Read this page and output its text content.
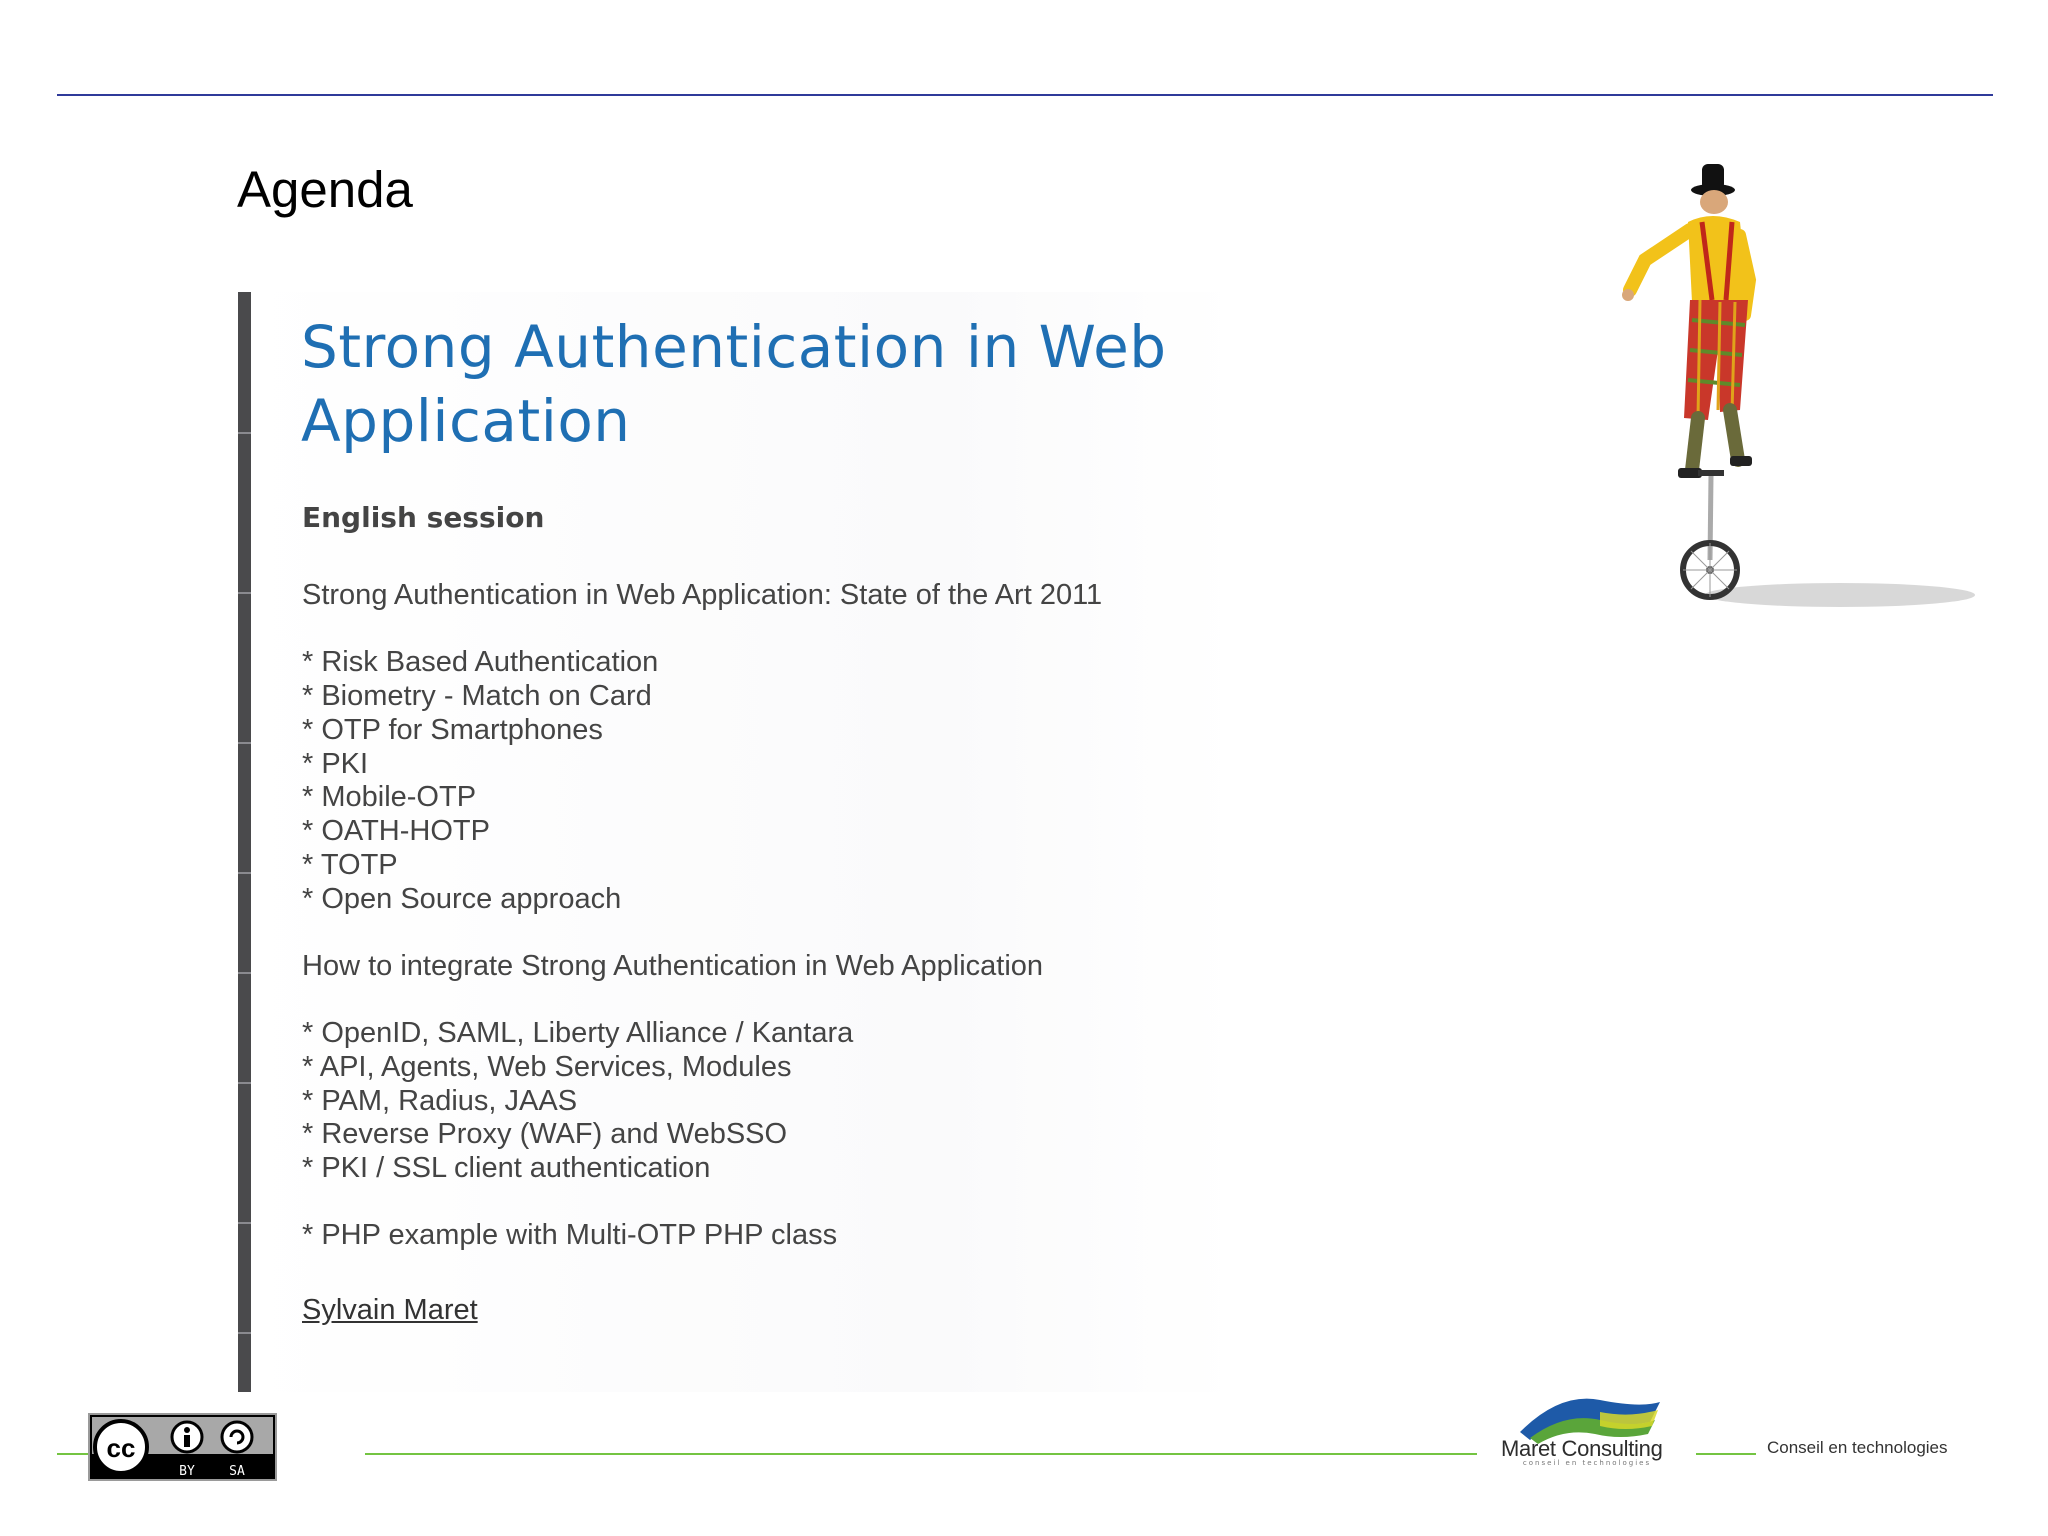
Agenda
Strong Authentication in Web
Application
English session
Strong Authentication in Web Application: State of the Art 2011
* Risk Based Authentication
* Biometry - Match on Card
* OTP for Smartphones
* PKI
* Mobile-OTP
* OATH-HOTP
* TOTP
* Open Source approach
How to integrate Strong Authentication in Web Application
* OpenID, SAML, Liberty Alliance / Kantara
* API, Agents, Web Services, Modules
* PAM, Radius, JAAS
* Reverse Proxy (WAF) and WebSSO
* PKI / SSL client authentication
* PHP example with Multi-OTP PHP class
Sylvain Maret
cc
BY	SA
conseil en technologies
Maret Consulting	Conseil en technologies
